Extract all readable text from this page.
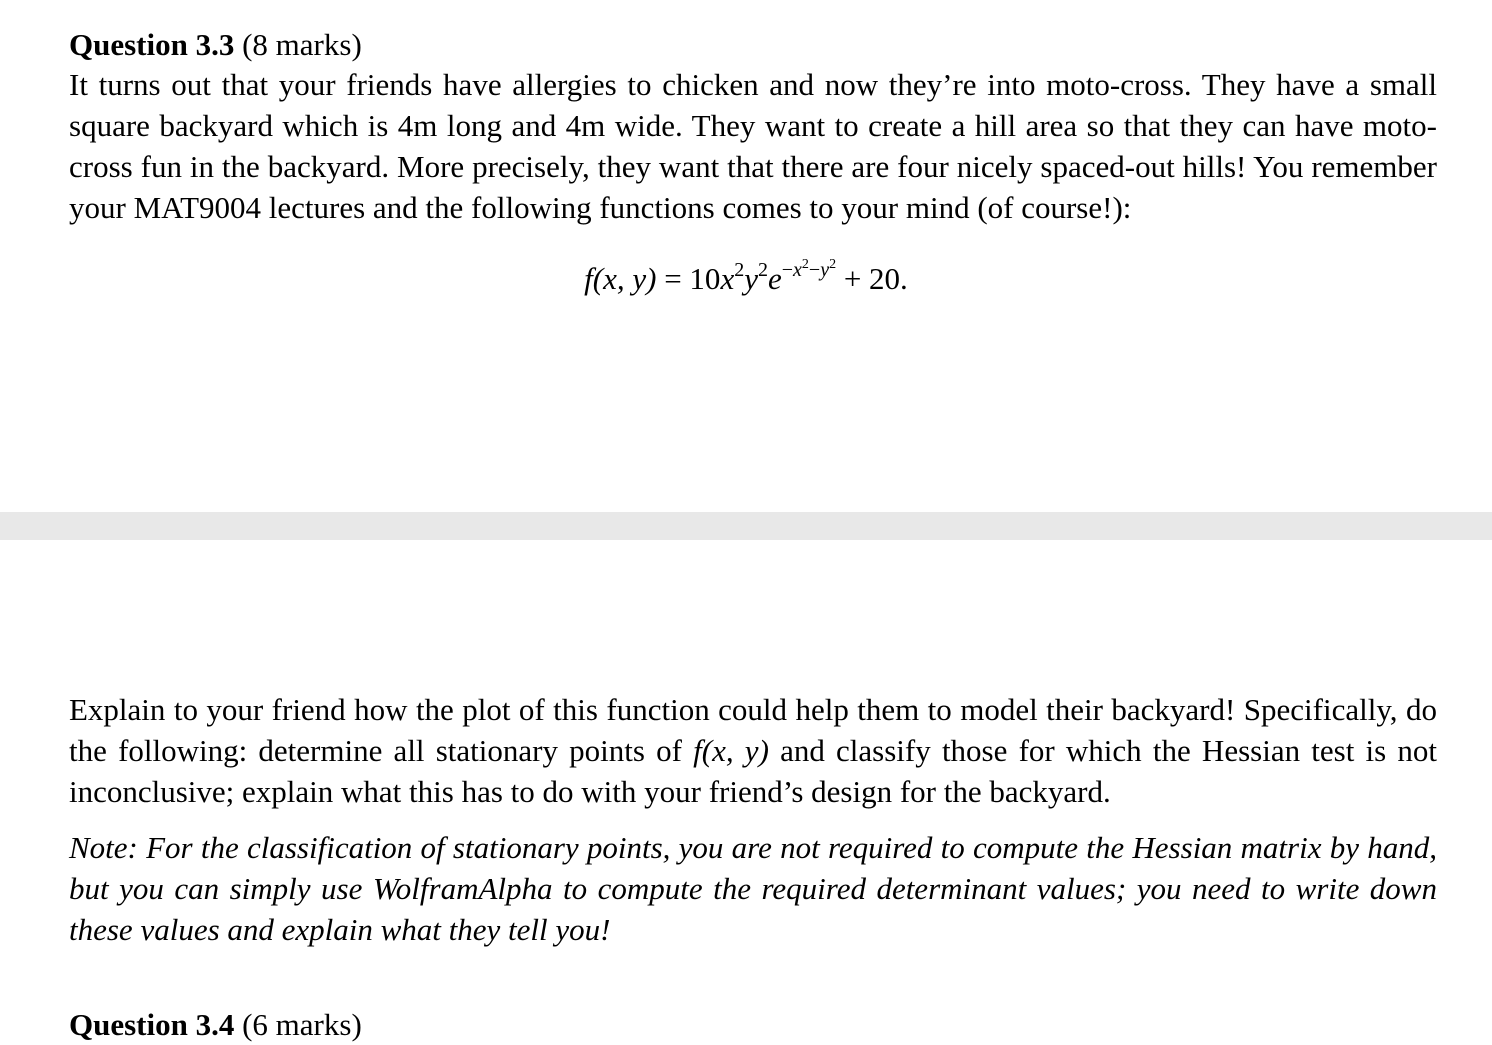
Question 3.3 (8 marks)
It turns out that your friends have allergies to chicken and now they’re into moto-cross. They have a small square backyard which is 4m long and 4m wide. They want to create a hill area so that they can have moto-cross fun in the backyard. More precisely, they want that there are four nicely spaced-out hills! You remember your MAT9004 lectures and the following functions comes to your mind (of course!):
f(x, $y) = 10x^2y^2e^{-x^2-y^2} + 20$.
Explain to your friend how the plot of this function could help them to model their backyard! Specifically, do the following: determine all stationary points of f(x, y) and classify those for which the Hessian test is not inconclusive; explain what this has to do with your friend’s design for the backyard.
Note: For the classification of stationary points, you are not required to compute the Hessian matrix by hand, but you can simply use WolframAlpha to compute the required determinant values; you need to write down these values and explain what they tell you!
Question 3.4 (6 marks)
